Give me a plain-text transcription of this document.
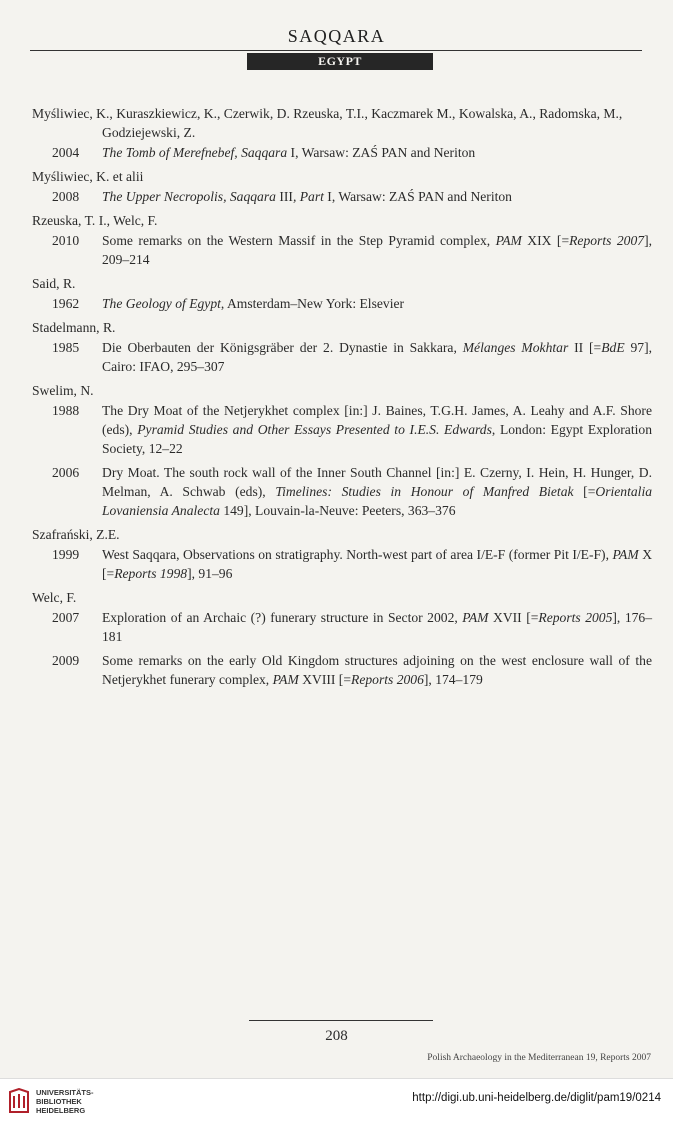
SAQQARA
EGYPT
Myśliwiec, K., Kuraszkiewicz, K., Czerwik, D. Rzeuska, T.I., Kaczmarek M., Kowalska, A., Radomska, M., Godziejewski, Z.
2004	The Tomb of Merefnebef, Saqqara I, Warsaw: ZAŚ PAN and Neriton
Myśliwiec, K. et alii
2008	The Upper Necropolis, Saqqara III, Part I, Warsaw: ZAŚ PAN and Neriton
Rzeuska, T. I., Welc, F.
2010	Some remarks on the Western Massif in the Step Pyramid complex, PAM XIX [=Reports 2007], 209–214
Said, R.
1962	The Geology of Egypt, Amsterdam–New York: Elsevier
Stadelmann, R.
1985	Die Oberbauten der Königsgräber der 2. Dynastie in Sakkara, Mélanges Mokhtar II [=BdE 97], Cairo: IFAO, 295–307
Swelim, N.
1988	The Dry Moat of the Netjerykhet complex [in:] J. Baines, T.G.H. James, A. Leahy and A.F. Shore (eds), Pyramid Studies and Other Essays Presented to I.E.S. Edwards, London: Egypt Exploration Society, 12–22
2006	Dry Moat. The south rock wall of the Inner South Channel [in:] E. Czerny, I. Hein, H. Hunger, D. Melman, A. Schwab (eds), Timelines: Studies in Honour of Manfred Bietak [=Orientalia Lovaniensia Analecta 149], Louvain-la-Neuve: Peeters, 363–376
Szafrański, Z.E.
1999	West Saqqara, Observations on stratigraphy. North-west part of area I/E-F (former Pit I/E-F), PAM X [=Reports 1998], 91–96
Welc, F.
2007	Exploration of an Archaic (?) funerary structure in Sector 2002, PAM XVII [=Reports 2005], 176–181
2009	Some remarks on the early Old Kingdom structures adjoining on the west enclosure wall of the Netjerykhet funerary complex, PAM XVIII [=Reports 2006], 174–179
208
Polish Archaeology in the Mediterranean 19, Reports 2007
UNIVERSITÄTS-
BIBLIOTHEK
HEIDELBERG
http://digi.ub.uni-heidelberg.de/diglit/pam19/0214
